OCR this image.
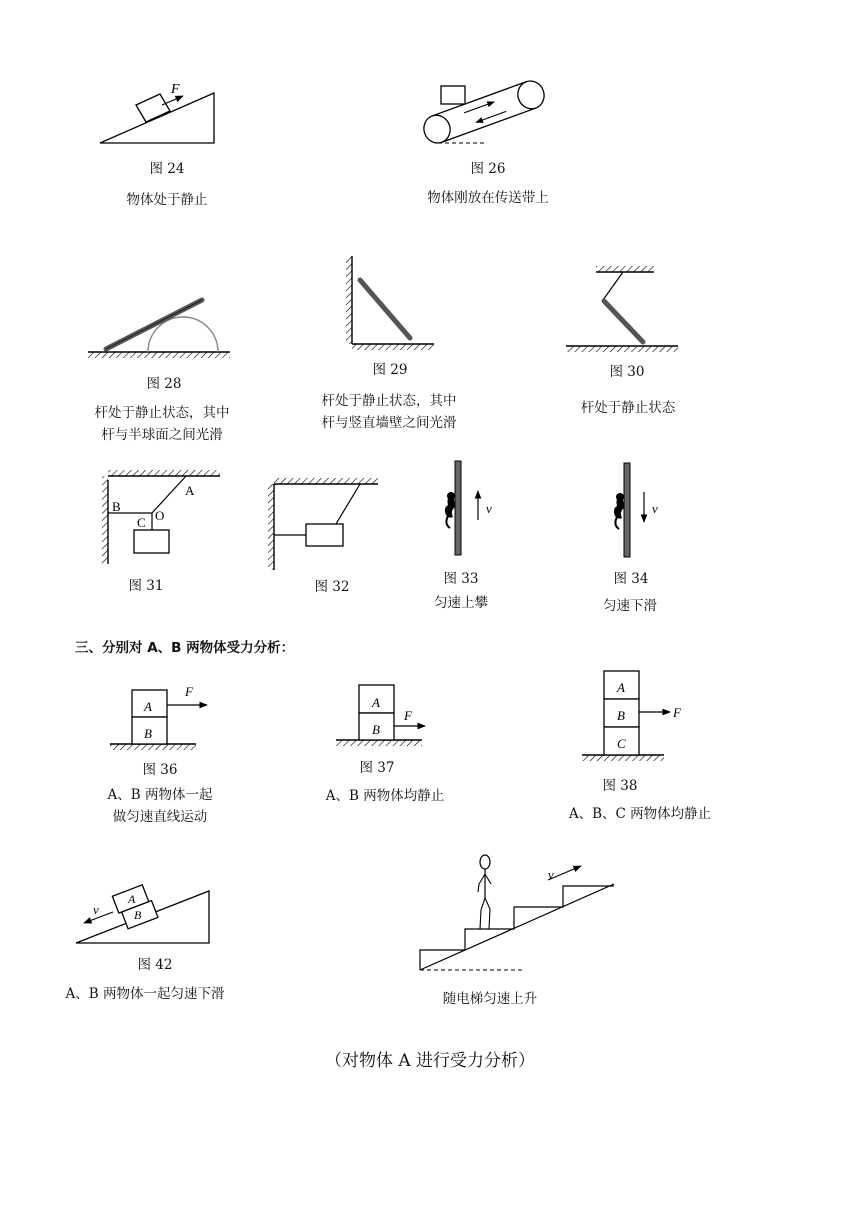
F
A
B
C O	v	v
A
B
F
A
B
F
A
B
C
F
A
B
v
v
图 24
物体处于静止
图 26
物体刚放在传送带上
图 28
杆处于静止状态，其中
杆与半球面之间光滑
图 29
杆处于静止状态，其中
杆与竖直墙壁之间光滑
图 30
杆处于静止状态
图 31	图 32	图 33
匀速上攀
图 34
匀速下滑
三、分别对 A、B 两物体受力分析：
图 36
A、B 两物体一起
做匀速直线运动
图 37
A、B 两物体均静止
图 38
A、B、C 两物体均静止
图 42
A、B 两物体一起匀速下滑	随电梯匀速上升
（对物体 A 进行受力分析）
